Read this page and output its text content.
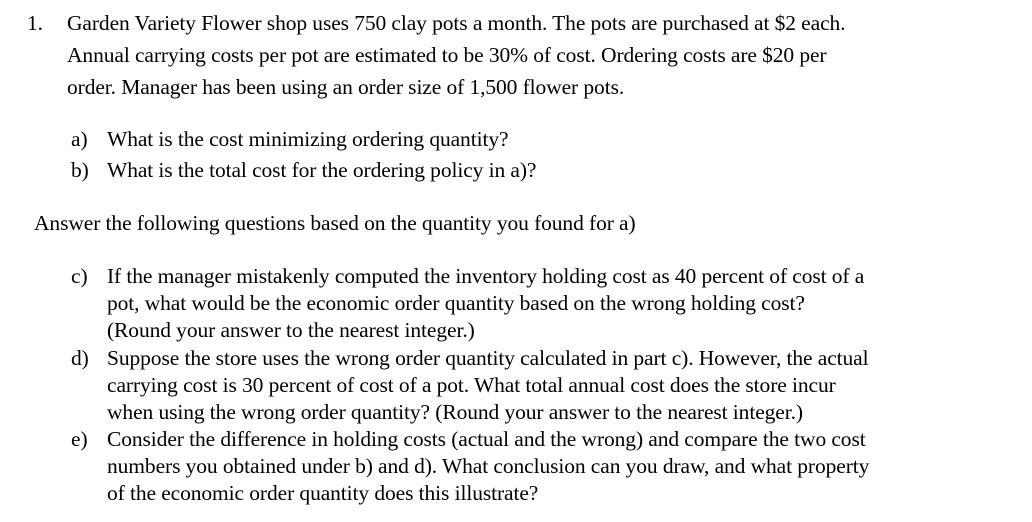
1. Garden Variety Flower shop uses 750 clay pots a month. The pots are purchased at $2 each.
Annual carrying costs per pot are estimated to be 30% of cost. Ordering costs are $20 per
order. Manager has been using an order size of 1,500 flower pots.
a) What is the cost minimizing ordering quantity?
b) What is the total cost for the ordering policy in a)?
Answer the following questions based on the quantity you found for a)
c) If the manager mistakenly computed the inventory holding cost as 40 percent of cost of a
pot, what would be the economic order quantity based on the wrong holding cost?
(Round your answer to the nearest integer.)
d) Suppose the store uses the wrong order quantity calculated in part c). However, the actual
carrying cost is 30 percent of cost of a pot. What total annual cost does the store incur
when using the wrong order quantity? (Round your answer to the nearest integer.)
e) Consider the difference in holding costs (actual and the wrong) and compare the two cost
numbers you obtained under b) and d). What conclusion can you draw, and what property
of the economic order quantity does this illustrate?
